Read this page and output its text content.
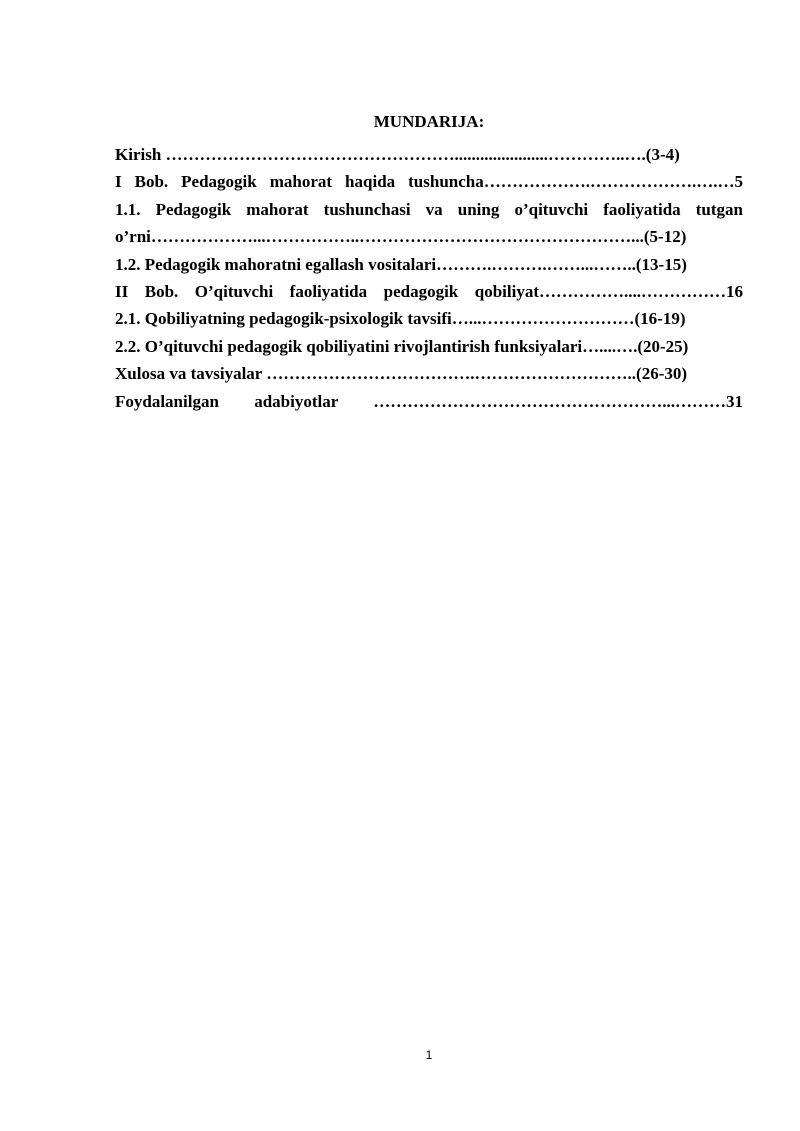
MUNDARIJA:

Kirish ……………………………………………......................…………..….(3-4)

I Bob. Pedagogik mahorat haqida tushuncha……………….……………….….…5

1.1. Pedagogik mahorat tushunchasi va uning o’qituvchi faoliyatida tutgan o’rni………………...……………..…………………………………………...(5-12)

1.2. Pedagogik mahoratni egallash vositalari……….……….……...……..(13-15)

II Bob. O’qituvchi faoliyatida pedagogik qobiliyat……………....……………16

2.1. Qobiliyatning pedagogik-psixologik tavsifi…...………………………(16-19)

2.2. O’qituvchi pedagogik qobiliyatini rivojlantirish funksiyalari…....….(20-25)

Xulosa va tavsiyalar ……………………………….………………………..(26-30)

Foydalanilgan adabiyotlar ……………………………………………...………31

1
